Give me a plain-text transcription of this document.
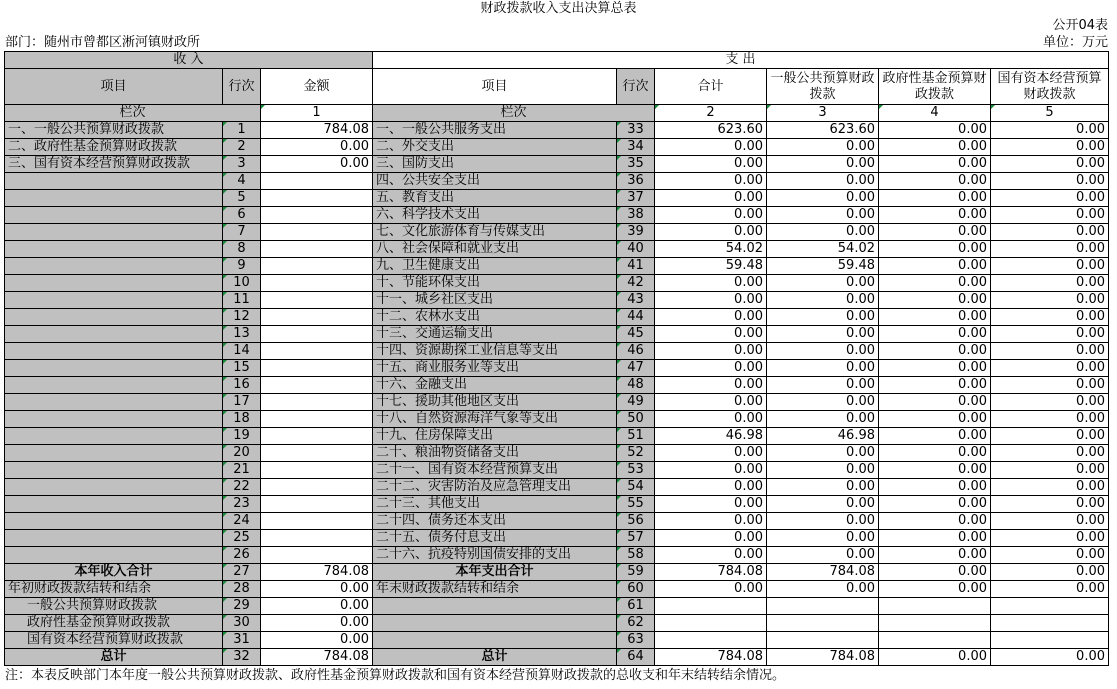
财政拨款收入支出决算总表
公开04表
部门：随州市曾都区淅河镇财政所	单位：万元
收 入			支 出					
项目	行次	金额	项目	行次	合计	一般公共预算财政拨款	政府性基金预算财政拨款	国有资本经营预算财政拨款
栏次		1	栏次		2	3	4	5
一、一般公共预算财政拨款	1	784.08	一、一般公共服务支出	33	623.60	623.60	0.00	0.00
二、政府性基金预算财政拨款	2	0.00	二、外交支出	34	0.00	0.00	0.00	0.00
三、国有资本经营预算财政拨款	3	0.00	三、国防支出	35	0.00	0.00	0.00	0.00
	4		四、公共安全支出	36	0.00	0.00	0.00	0.00
	5		五、教育支出	37	0.00	0.00	0.00	0.00
	6		六、科学技术支出	38	0.00	0.00	0.00	0.00
	7		七、文化旅游体育与传媒支出	39	0.00	0.00	0.00	0.00
	8		八、社会保障和就业支出	40	54.02	54.02	0.00	0.00
	9		九、卫生健康支出	41	59.48	59.48	0.00	0.00
	10		十、节能环保支出	42	0.00	0.00	0.00	0.00
	11		十一、城乡社区支出	43	0.00	0.00	0.00	0.00
	12		十二、农林水支出	44	0.00	0.00	0.00	0.00
	13		十三、交通运输支出	45	0.00	0.00	0.00	0.00
	14		十四、资源勘探工业信息等支出	46	0.00	0.00	0.00	0.00
	15		十五、商业服务业等支出	47	0.00	0.00	0.00	0.00
	16		十六、金融支出	48	0.00	0.00	0.00	0.00
	17		十七、援助其他地区支出	49	0.00	0.00	0.00	0.00
	18		十八、自然资源海洋气象等支出	50	0.00	0.00	0.00	0.00
	19		十九、住房保障支出	51	46.98	46.98	0.00	0.00
	20		二十、粮油物资储备支出	52	0.00	0.00	0.00	0.00
	21		二十一、国有资本经营预算支出	53	0.00	0.00	0.00	0.00
	22		二十二、灾害防治及应急管理支出	54	0.00	0.00	0.00	0.00
	23		二十三、其他支出	55	0.00	0.00	0.00	0.00
	24		二十四、债务还本支出	56	0.00	0.00	0.00	0.00
	25		二十五、债务付息支出	57	0.00	0.00	0.00	0.00
	26		二十六、抗疫特别国债安排的支出	58	0.00	0.00	0.00	0.00
本年收入合计	27	784.08	本年支出合计	59	784.08	784.08	0.00	0.00
年初财政拨款结转和结余	28	0.00	年末财政拨款结转和结余	60	0.00	0.00	0.00	0.00
一般公共预算财政拨款	29	0.00		61				
政府性基金预算财政拨款	30	0.00		62				
国有资本经营预算财政拨款	31	0.00		63				
总计	32	784.08	总计	64	784.08	784.08	0.00	0.00
注：本表反映部门本年度一般公共预算财政拨款、政府性基金预算财政拨款和国有资本经营预算财政拨款的总收支和年末结转结余情况。
